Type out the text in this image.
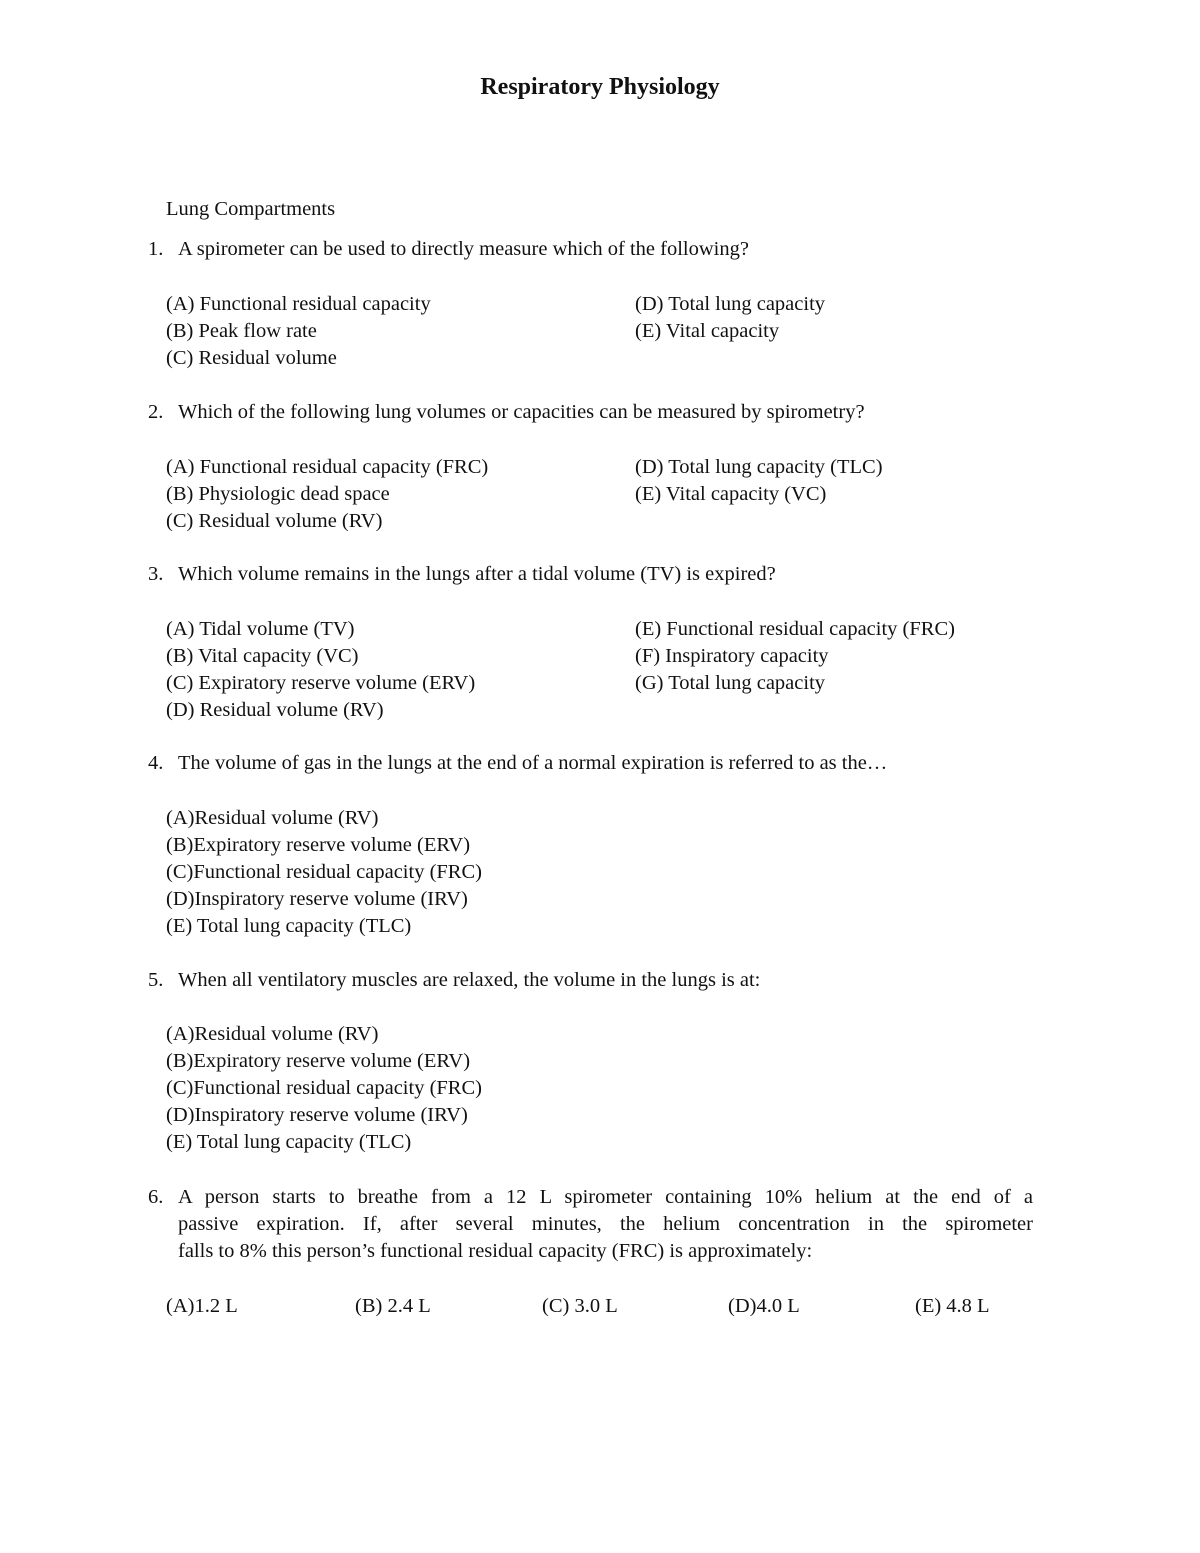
Respiratory Physiology
Lung Compartments
1. A spirometer can be used to directly measure which of the following?
(A) Functional residual capacity
(B) Peak flow rate
(C) Residual volume
(D) Total lung capacity
(E) Vital capacity
2. Which of the following lung volumes or capacities can be measured by spirometry?
(A) Functional residual capacity (FRC)
(B) Physiologic dead space
(C) Residual volume (RV)
(D) Total lung capacity (TLC)
(E) Vital capacity (VC)
3. Which volume remains in the lungs after a tidal volume (TV) is expired?
(A) Tidal volume (TV)
(B) Vital capacity (VC)
(C) Expiratory reserve volume (ERV)
(D) Residual volume (RV)
(E) Functional residual capacity (FRC)
(F) Inspiratory capacity
(G) Total lung capacity
4. The volume of gas in the lungs at the end of a normal expiration is referred to as the…
(A)Residual volume (RV)
(B)Expiratory reserve volume (ERV)
(C)Functional residual capacity (FRC)
(D)Inspiratory reserve volume (IRV)
(E) Total lung capacity (TLC)
5. When all ventilatory muscles are relaxed, the volume in the lungs is at:
(A)Residual volume (RV)
(B)Expiratory reserve volume (ERV)
(C)Functional residual capacity (FRC)
(D)Inspiratory reserve volume (IRV)
(E) Total lung capacity (TLC)
6. A person starts to breathe from a 12 L spirometer containing 10% helium at the end of a
passive expiration. If, after several minutes, the helium concentration in the spirometer
falls to 8% this person’s functional residual capacity (FRC) is approximately:
(A)1.2 L	(B) 2.4 L	(C) 3.0 L	(D)4.0 L	(E) 4.8 L
